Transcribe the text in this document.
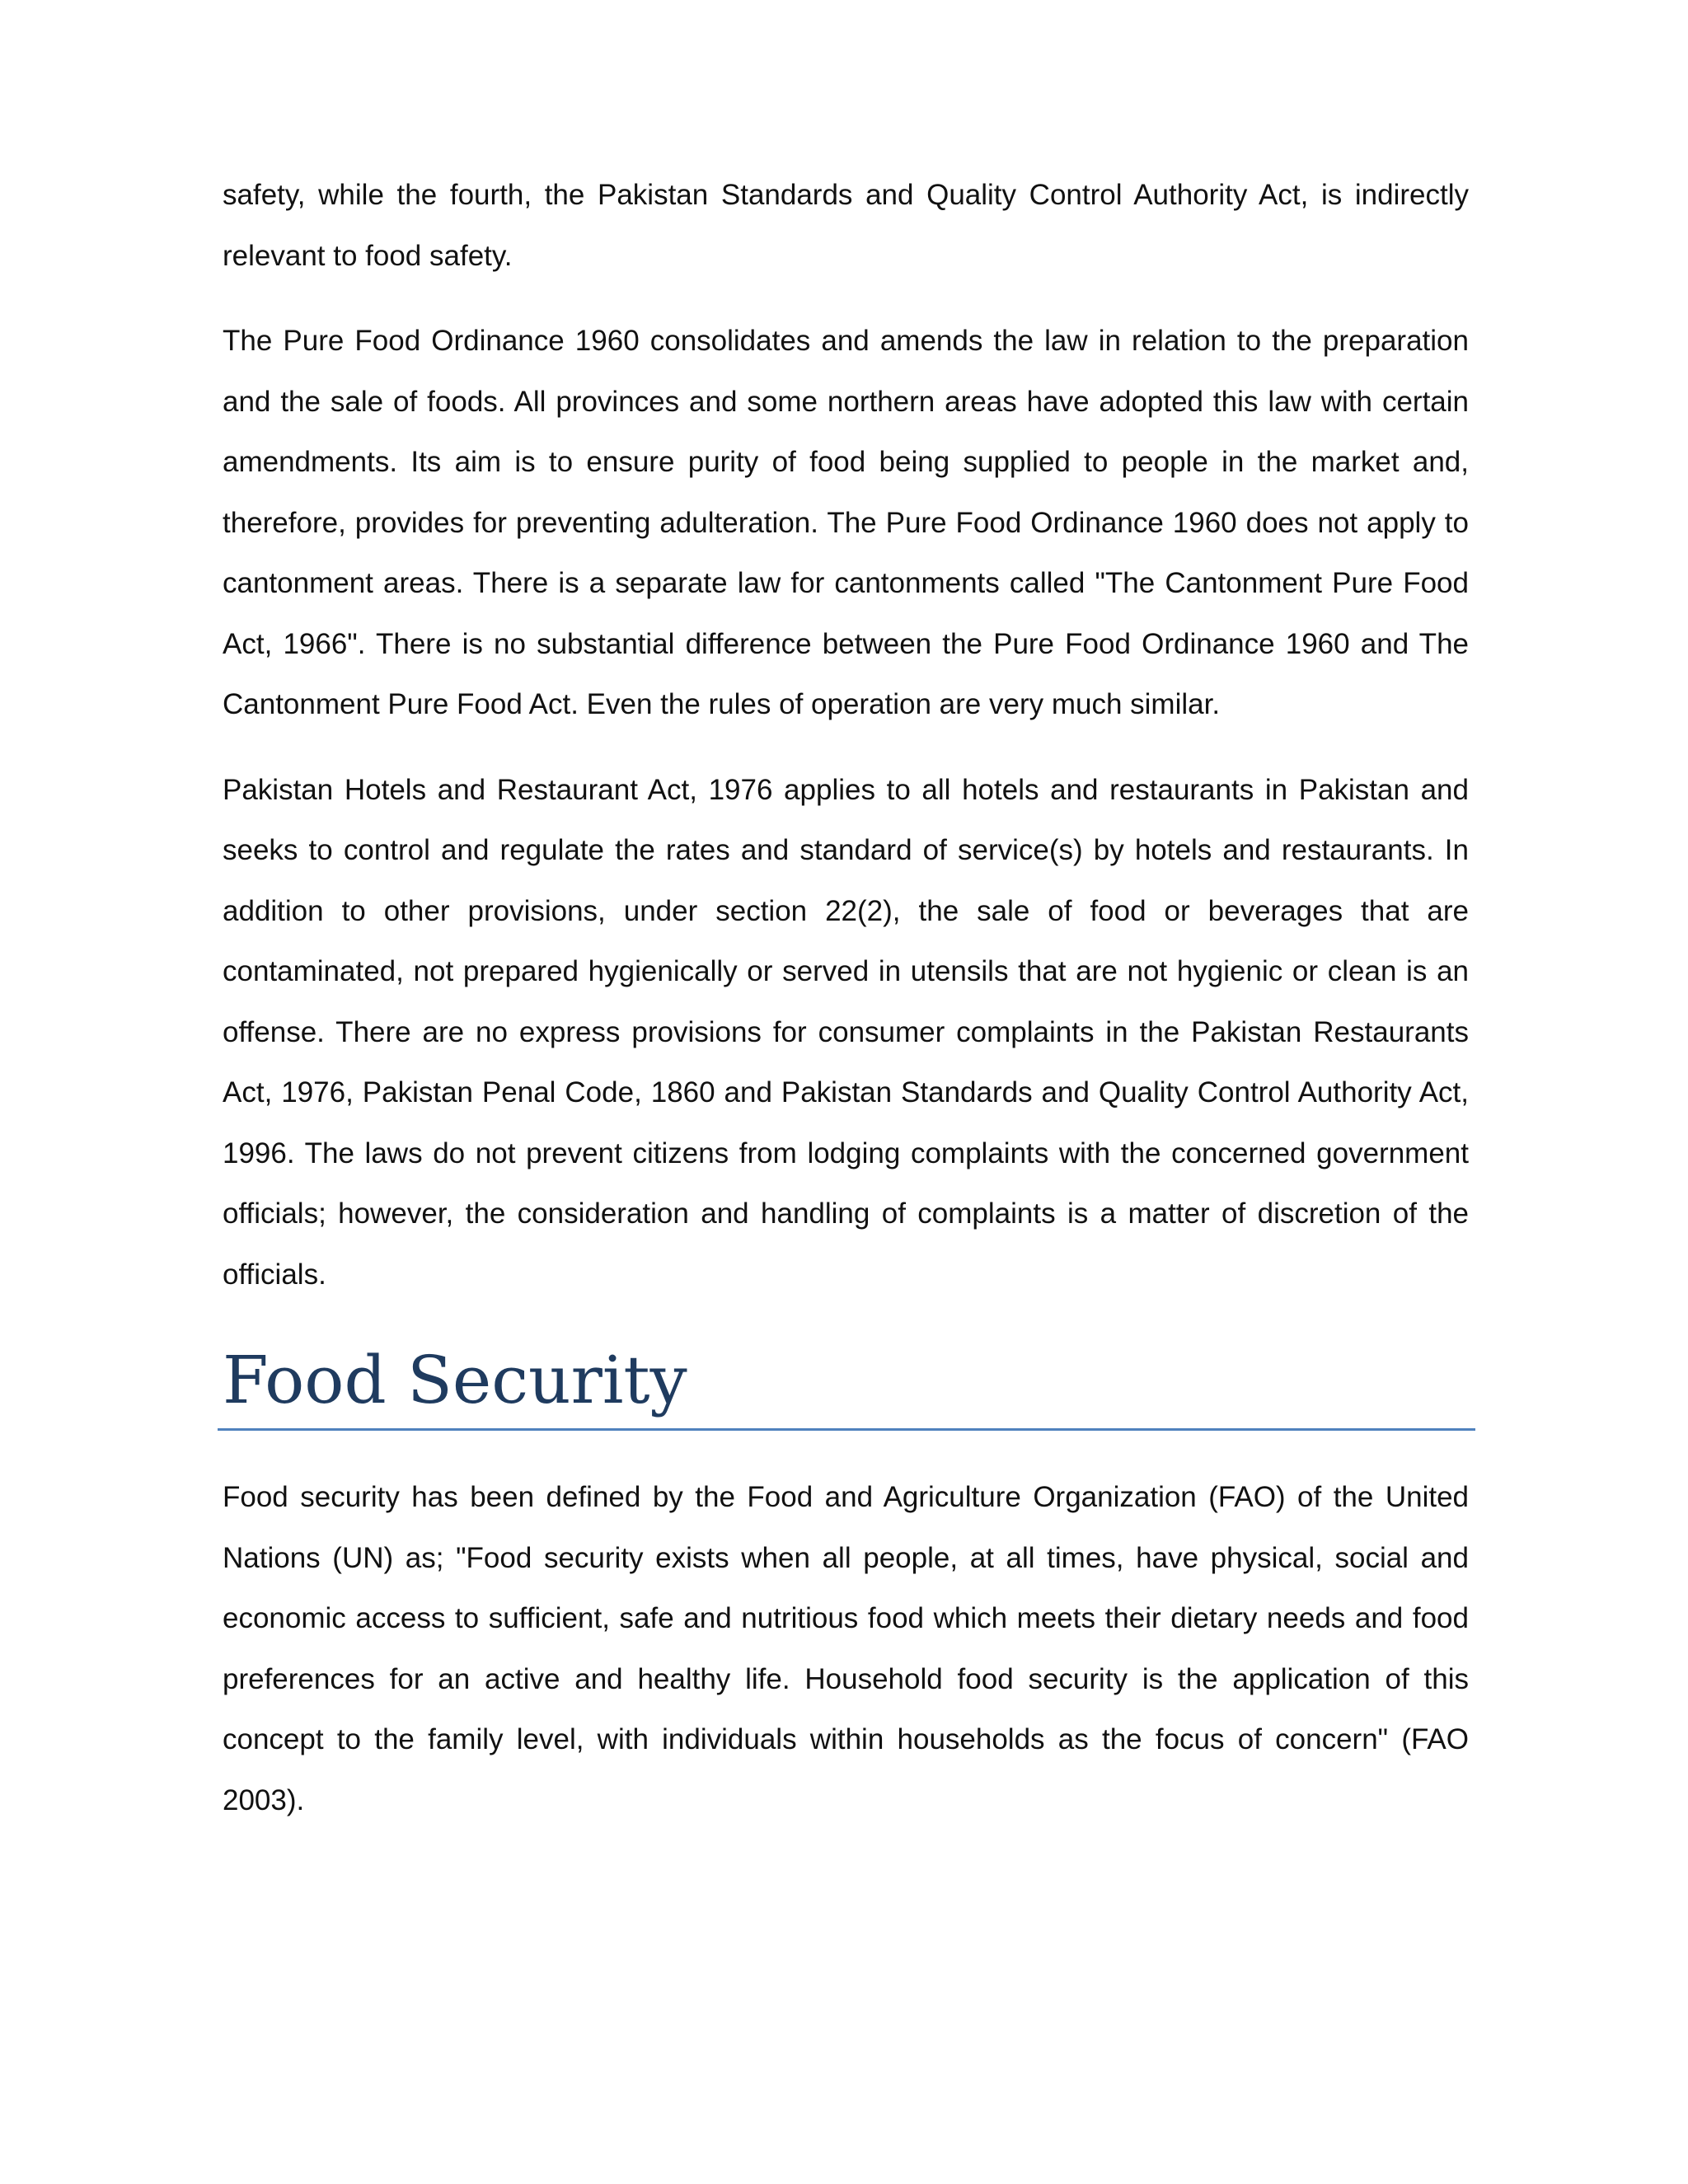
safety, while the fourth, the Pakistan Standards and Quality Control Authority Act, is indirectly relevant to food safety.

The Pure Food Ordinance 1960 consolidates and amends the law in relation to the preparation and the sale of foods. All provinces and some northern areas have adopted this law with certain amendments. Its aim is to ensure purity of food being supplied to people in the market and, therefore, provides for preventing adulteration. The Pure Food Ordinance 1960 does not apply to cantonment areas. There is a separate law for cantonments called "The Cantonment Pure Food Act, 1966". There is no substantial difference between the Pure Food Ordinance 1960 and The Cantonment Pure Food Act. Even the rules of operation are very much similar.

Pakistan Hotels and Restaurant Act, 1976 applies to all hotels and restaurants in Pakistan and seeks to control and regulate the rates and standard of service(s) by hotels and restaurants. In addition to other provisions, under section 22(2), the sale of food or beverages that are contaminated, not prepared hygienically or served in utensils that are not hygienic or clean is an offense. There are no express provisions for consumer complaints in the Pakistan Restaurants Act, 1976, Pakistan Penal Code, 1860 and Pakistan Standards and Quality Control Authority Act, 1996. The laws do not prevent citizens from lodging complaints with the concerned government officials; however, the consideration and handling of complaints is a matter of discretion of the officials.

Food Security

Food security has been defined by the Food and Agriculture Organization (FAO) of the United Nations (UN) as; "Food security exists when all people, at all times, have physical, social and economic access to sufficient, safe and nutritious food which meets their dietary needs and food preferences for an active and healthy life. Household food security is the application of this concept to the family level, with individuals within households as the focus of concern" (FAO 2003).
